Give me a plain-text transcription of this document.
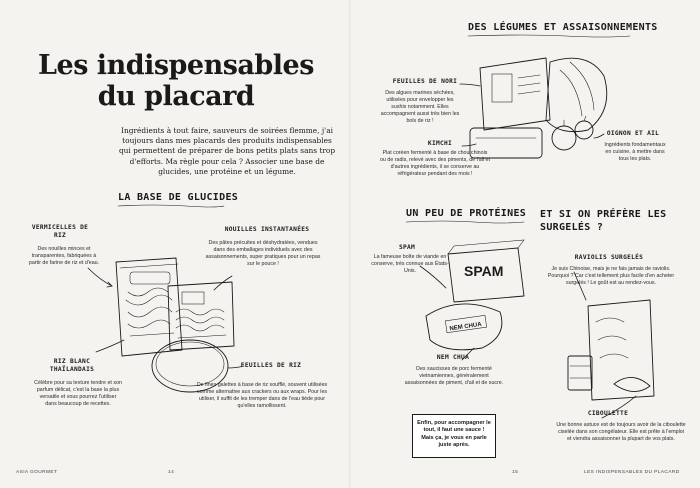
Les indispensables
du placard
Ingrédients à tout faire, sauveurs de soirées flemme, j'ai toujours dans mes placards des produits indispensables qui permettent de préparer de bons petits plats sans trop d'efforts. Ma règle pour cela ? Associer une base de glucides, une protéine et un légume.
LA BASE DE GLUCIDES
VERMICELLES DE RIZ
Des nouilles minces et transparentes, fabriquées à partir de farine de riz et d'eau.
NOUILLES INSTANTANÉES
Des pâtes précuites et déshydratées, vendues dans des emballages individuels avec des assaisonnements, super pratiques pour un repas sur le pouce !
RIZ BLANC THAÏLANDAIS
Célèbre pour sa texture tendre et son parfum délicat, c'est la base la plus versatile et vous pourrez l'utiliser dans beaucoup de recettes.
FEUILLES DE RIZ
De fines galettes à base de riz soufflé, souvent utilisées comme alternative aux crackers ou aux wraps. Pour les utiliser, il suffit de les tremper dans de l'eau tiède pour qu'elles ramollissent.
ASIA GOURMET	14
DES LÉGUMES ET ASSAISONNEMENTS
FEUILLES DE NORI
Des algues marines séchées, utilisées pour envelopper les sushis notamment. Elles accompagnent aussi très bien les bols de riz !
KIMCHI
Plat coréen fermenté à base de chou chinois ou de radis, relevé avec des piments, de l'ail et d'autres ingrédients, il se conserve au réfrigérateur pendant des mois !
OIGNON ET AIL
Ingrédients fondamentaux en cuisine, à mettre dans tous les plats.
UN PEU DE PROTÉINES
SPAM
La fameuse boîte de viande en conserve, très connue aux États-Unis.
NEM CHUA
Des saucisses de porc fermenté vietnamiennes, généralement assaisonnées de piment, d'ail et de sucre.
ET SI ON PRÉFÈRE LES SURGELÉS ?
RAVIOLIS SURGELÉS
Je suis Chinoise, mais je ne fais jamais de raviolis. Pourquoi ? Car c'est tellement plus facile d'en acheter surgelés ! Le goût est au rendez-vous.
CIBOULETTE
Une bonne astuce est de toujours avoir de la ciboulette ciselée dans son congélateur. Elle est prête à l'emploi et viendra assaisonner la plupart de vos plats.
SPAM
NEM CHUA
Enfin, pour accompagner le tout, il faut une sauce ! Mais ça, je vous en parle juste après.
15	LES INDISPENSABLES DU PLACARD
